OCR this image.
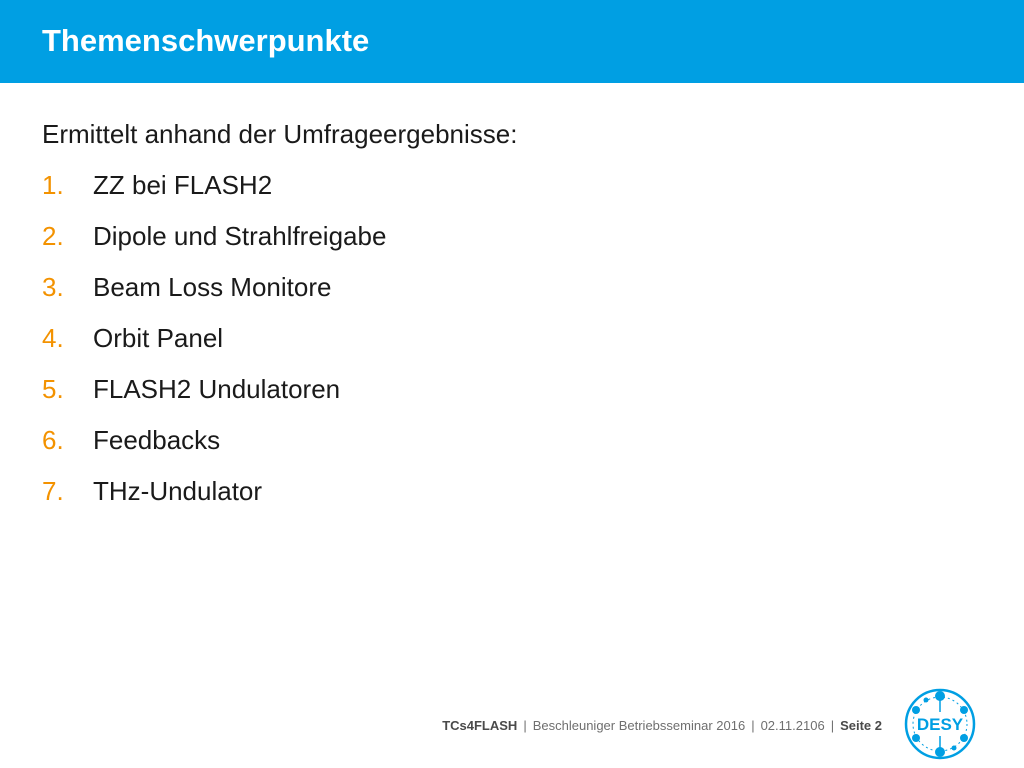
Themenschwerpunkte

Ermittelt anhand der Umfrageergebnisse:

1.	ZZ bei FLASH2
2.	Dipole und Strahlfreigabe
3.	Beam Loss Monitore
4.	Orbit Panel
5.	FLASH2 Undulatoren
6.	Feedbacks
7.	THz-Undulator
TCs4FLASH | Beschleuniger Betriebsseminar 2016 | 02.11.2106 | Seite 2 DESY
